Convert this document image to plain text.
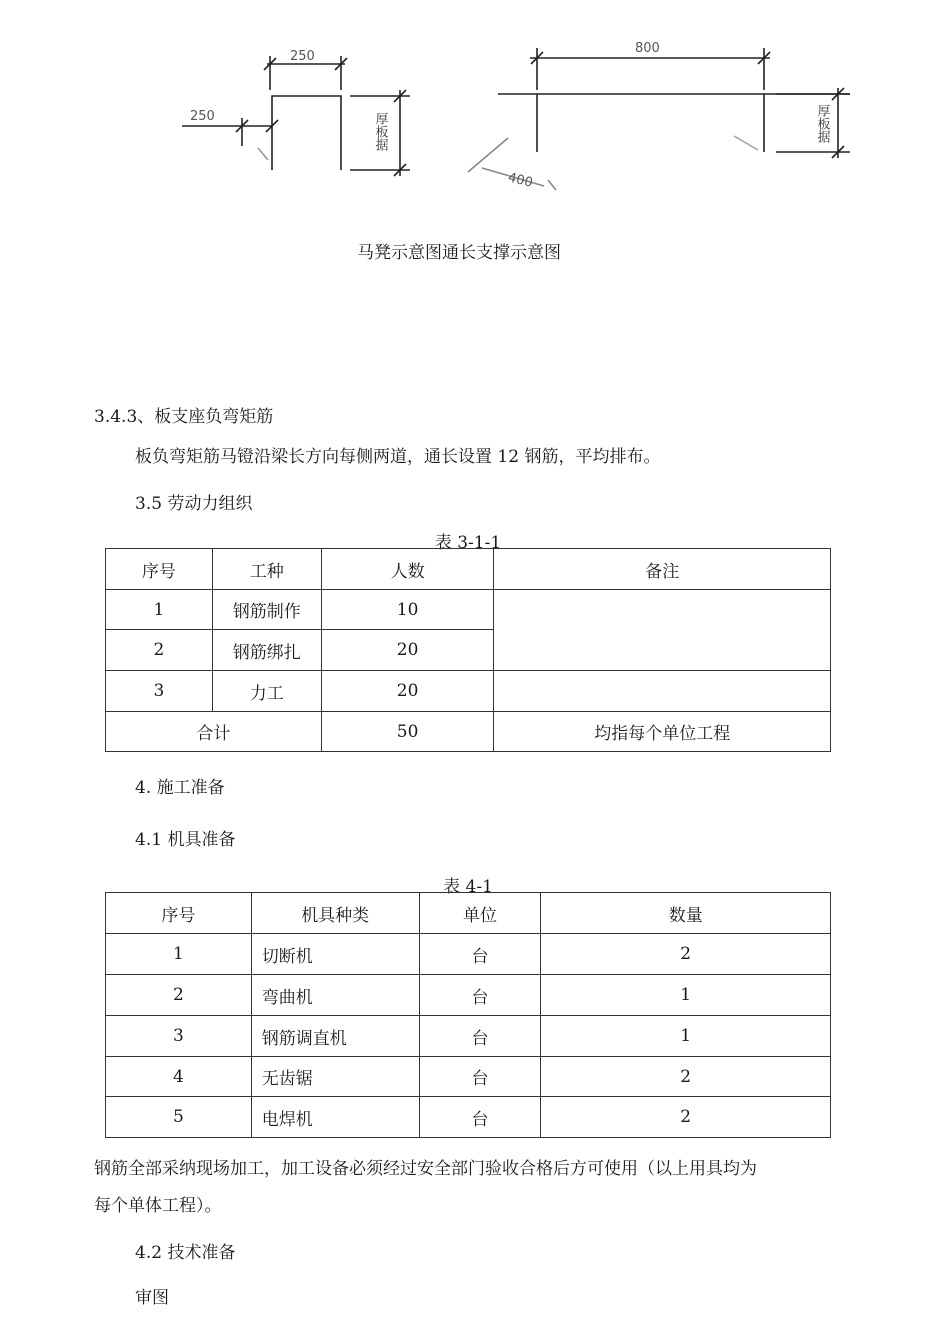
250
250	厚板据
800
400
厚板据
马凳示意图通长支撑示意图
3.4.3、板支座负弯矩筋
板负弯矩筋马镫沿梁长方向每侧两道，通长设置 12 钢筋，平均排布。
3.5 劳动力组织
表 3-1-1
序号	工种	人数	备注
1	钢筋制作	10	
2	钢筋绑扎	20	
3	力工	20	
合计		50	均指每个单位工程
4. 施工准备
4.1 机具准备
表 4-1
序号	机具种类	单位	数量
1	切断机	台	2
2	弯曲机	台	1
3	钢筋调直机	台	1
4	无齿锯	台	2
5	电焊机	台	2
钢筋全部采纳现场加工，加工设备必须经过安全部门验收合格后方可使用（以上用具均为
每个单体工程）。
4.2 技术准备
审图
